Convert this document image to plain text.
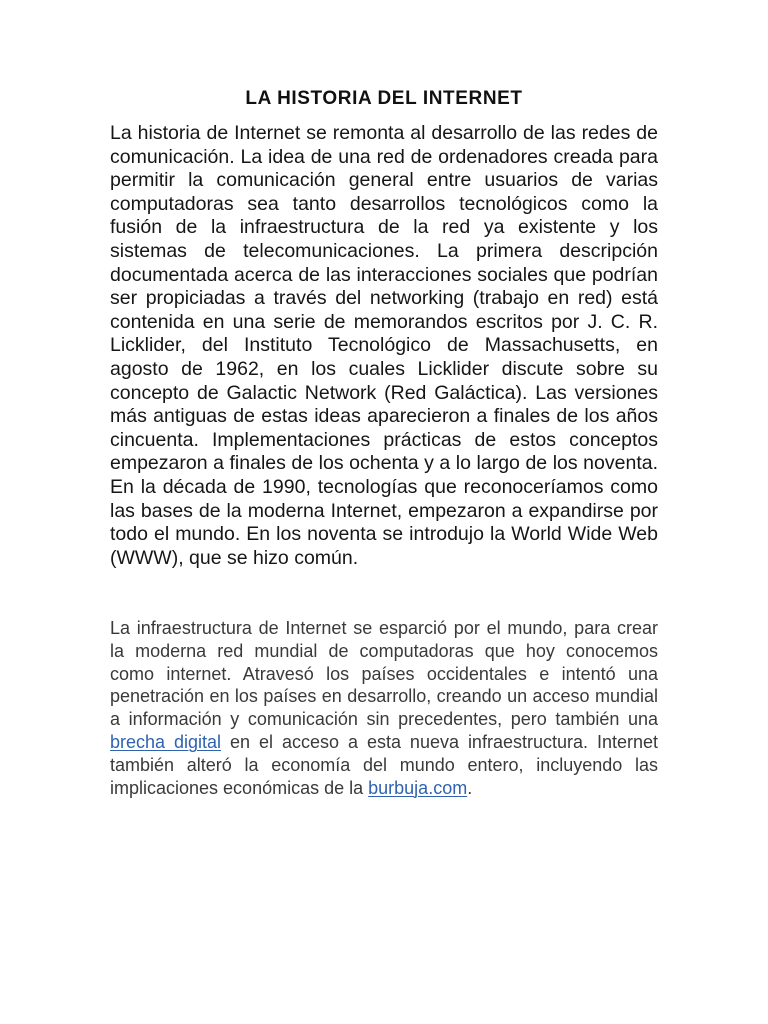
LA HISTORIA DEL INTERNET

La historia de Internet se remonta al desarrollo de las redes de comunicación. La idea de una red de ordenadores creada para permitir la comunicación general entre usuarios de varias computadoras sea tanto desarrollos tecnológicos como la fusión de la infraestructura de la red ya existente y los sistemas de telecomunicaciones. La primera descripción documentada acerca de las interacciones sociales que podrían ser propiciadas a través del networking (trabajo en red) está contenida en una serie de memorandos escritos por J. C. R. Licklider, del Instituto Tecnológico de Massachusetts, en agosto de 1962, en los cuales Licklider discute sobre su concepto de Galactic Network (Red Galáctica). Las versiones más antiguas de estas ideas aparecieron a finales de los años cincuenta. Implementaciones prácticas de estos conceptos empezaron a finales de los ochenta y a lo largo de los noventa. En la década de 1990, tecnologías que reconoceríamos como las bases de la moderna Internet, empezaron a expandirse por todo el mundo. En los noventa se introdujo la World Wide Web (WWW), que se hizo común.

La infraestructura de Internet se esparció por el mundo, para crear la moderna red mundial de computadoras que hoy conocemos como internet. Atravesó los países occidentales e intentó una penetración en los países en desarrollo, creando un acceso mundial a información y comunicación sin precedentes, pero también una brecha digital en el acceso a esta nueva infraestructura. Internet también alteró la economía del mundo entero, incluyendo las implicaciones económicas de la burbuja.com.
